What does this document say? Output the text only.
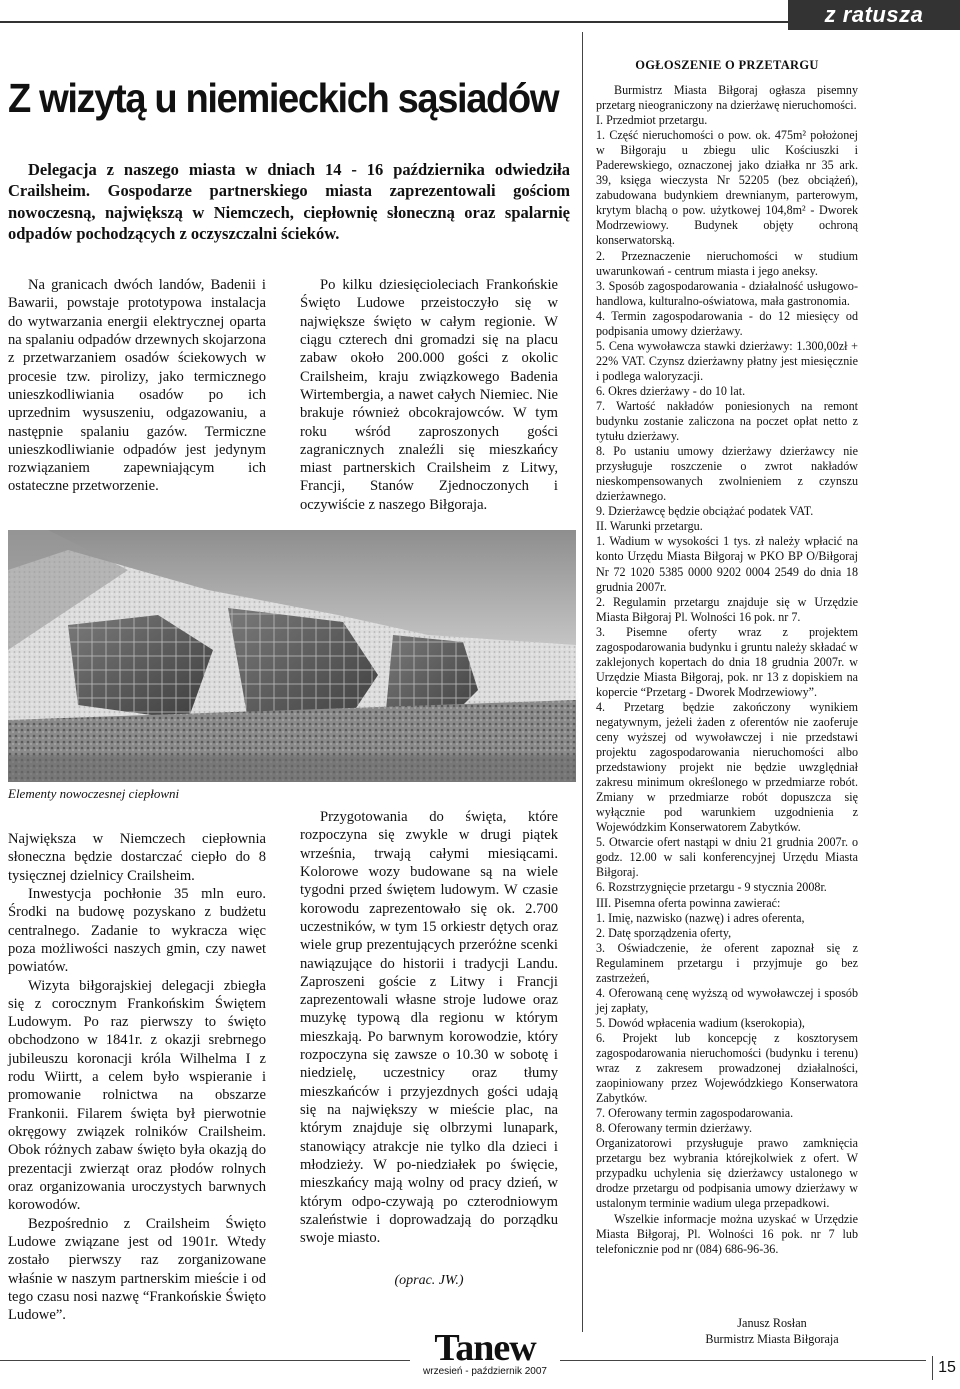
z ratusza
Z wizytą u niemieckich sąsiadów

Delegacja z naszego miasta w dniach 14 - 16 października odwiedziła Crailsheim. Gospodarze partnerskiego miasta zaprezentowali gościom nowoczesną, największą w Niemczech, ciepłownię słoneczną oraz spalarnię odpadów pochodzących z oczyszczalni ścieków.

Na granicach dwóch landów, Badenii i Bawarii, powstaje prototypowa instalacja do wytwarzania energii elektrycznej oparta na spalaniu odpadów drzewnych skojarzona z przetwarzaniem osadów ściekowych w procesie tzw. pirolizy, jako termicznego unieszkodliwiania osadów po ich uprzednim wysuszeniu, odgazowaniu, a następnie spalaniu gazów. Termiczne unieszkodliwianie odpadów jest jedynym rozwiązaniem zapewniającym ich ostateczne przetworzenie.

Po kilku dziesięcioleciach Frankońskie Święto Ludowe przeistoczyło się w największe święto w całym regionie. W ciągu czterech dni gromadzi się na placu zabaw około 200.000 gości z okolic Crailsheim, kraju związkowego Badenia Wirtembergia, a nawet całych Niemiec. Nie brakuje również obcokrajowców. W tym roku wśród zaproszonych gości zagranicznych znaleźli się mieszkańcy miast partnerskich Crailsheim z Litwy, Francji, Stanów Zjednoczonych i oczywiście z naszego Biłgoraja.

Elementy nowoczesnej ciepłowni

Największa w Niemczech ciepłownia słoneczna będzie dostarczać ciepło do 8 tysięcznej dzielnicy Crailsheim.

Inwestycja pochłonie 35 mln euro. Środki na budowę pozyskano z budżetu centralnego. Zadanie to wykracza więc poza możliwości naszych gmin, czy nawet powiatów.

Wizyta biłgorajskiej delegacji zbiegła się z corocznym Frankońskim Świętem Ludowym. Po raz pierwszy to święto obchodzono w 1841r. z okazji srebrnego jubileuszu koronacji króla Wilhelma I z rodu Wiirtt, a celem było wspieranie i promowanie rolnictwa na obszarze Frankonii. Filarem święta był pierwotnie okręgowy związek rolników Crailsheim. Obok różnych zabaw święto była okazją do prezentacji zwierząt oraz płodów rolnych oraz organizowania uroczystych barwnych korowodów.

Bezpośrednio z Crailsheim Święto Ludowe związane jest od 1901r. Wtedy zostało pierwszy raz zorganizowane właśnie w naszym partnerskim mieście i od tego czasu nosi nazwę “Frankońskie Święto Ludowe”.

Przygotowania do święta, które rozpoczyna się zwykle w drugi piątek września, trwają całymi miesiącami. Kolorowe wozy budowane są na wiele tygodni przed świętem ludowym. W czasie korowodu zaprezentowało się ok. 2.700 uczestników, w tym 15 orkiestr dętych oraz wiele grup prezentujących przeróżne scenki nawiązujące do historii i tradycji Landu. Zaproszeni goście z Litwy i Francji zaprezentowali własne stroje ludowe oraz muzykę typową dla regionu w którym mieszkają. Po barwnym korowodzie, który rozpoczyna się zawsze o 10.30 w sobotę i niedzielę, uczestnicy oraz tłumy mieszkańców i przyjezdnych gości udają się na największy w mieście plac, na którym znajduje się olbrzymi lunapark, stanowiący atrakcje nie tylko dla dzieci i młodzieży. W po-niedziałek po święcie, mieszkańcy mają wolny od pracy dzień, w którym odpo-czywają po czterodniowym szaleństwie i doprowadzają do porządku swoje miasto.

(oprac. JW.)
OGŁOSZENIE O PRZETARGU

Burmistrz Miasta Biłgoraj ogłasza pisemny przetarg nieograniczony na dzierżawę nieruchomości.

I. Przedmiot przetargu.

1. Część nieruchomości o pow. ok. 475m² położonej w Biłgoraju u zbiegu ulic Kościuszki i Paderewskiego, oznaczonej jako działka nr 35 ark. 39, księga wieczysta Nr 52205 (bez obciążeń), zabudowana budynkiem drewnianym, parterowym, krytym blachą o pow. użytkowej 104,8m² - Dworek Modrzewiowy. Budynek objęty ochroną konserwatorską.

2. Przeznaczenie nieruchomości w studium uwarunkowań - centrum miasta i jego aneksy.

3. Sposób zagospodarowania - działalność usługowo-handlowa, kulturalno-oświatowa, mała gastronomia.

4. Termin zagospodarowania - do 12 miesięcy od podpisania umowy dzierżawy.

5. Cena wywoławcza stawki dzierżawy: 1.300,00zł + 22% VAT. Czynsz dzierżawny płatny jest miesięcznie i podlega waloryzacji.

6. Okres dzierżawy - do 10 lat.

7. Wartość nakładów poniesionych na remont budynku zostanie zaliczona na poczet opłat netto z tytułu dzierżawy.

8. Po ustaniu umowy dzierżawy dzierżawcy nie przysługuje roszczenie o zwrot nakładów nieskompensowanych zwolnieniem z czynszu dzierżawnego.

9. Dzierżawcę będzie obciążać podatek VAT.

II. Warunki przetargu.

1. Wadium w wysokości 1 tys. zł należy wpłacić na konto Urzędu Miasta Biłgoraj w PKO BP O/Biłgoraj Nr 72 1020 5385 0000 9202 0004 2549 do dnia 18 grudnia 2007r.

2. Regulamin przetargu znajduje się w Urzędzie Miasta Biłgoraj Pl. Wolności 16 pok. nr 7.

3. Pisemne oferty wraz z projektem zagospodarowania budynku i gruntu należy składać w zaklejonych kopertach do dnia 18 grudnia 2007r. w Urzędzie Miasta Biłgoraj, pok. nr 13 z dopiskiem na kopercie “Przetarg - Dworek Modrzewiowy”.

4. Przetarg będzie zakończony wynikiem negatywnym, jeżeli żaden z oferentów nie zaoferuje ceny wyższej od wywoławczej i nie przedstawi projektu zagospodarowania nieruchomości albo przedstawiony projekt nie będzie uwzględniał zakresu minimum określonego w przedmiarze robót. Zmiany w przedmiarze robót dopuszcza się wyłącznie pod warunkiem uzgodnienia z Wojewódzkim Konserwatorem Zabytków.

5. Otwarcie ofert nastąpi w dniu 21 grudnia 2007r. o godz. 12.00 w sali konferencyjnej Urzędu Miasta Biłgoraj.

6. Rozstrzygnięcie przetargu - 9 stycznia 2008r.

III. Pisemna oferta powinna zawierać:

1. Imię, nazwisko (nazwę) i adres oferenta,

2. Datę sporządzenia oferty,

3. Oświadczenie, że oferent zapoznał się z Regulaminem przetargu i przyjmuje go bez zastrzeżeń,

4. Oferowaną cenę wyższą od wywoławczej i sposób jej zapłaty,

5. Dowód wpłacenia wadium (kserokopia),

6. Projekt lub koncepcję z kosztorysem zagospodarowania nieruchomości (budynku i terenu) wraz z zakresem prowadzonej działalności, zaopiniowany przez Wojewódzkiego Konserwatora Zabytków.

7. Oferowany termin zagospodarowania.

8. Oferowany termin dzierżawy.

Organizatorowi przysługuje prawo zamknięcia przetargu bez wybrania którejkolwiek z ofert. W przypadku uchylenia się dzierżawcy ustalonego w drodze przetargu od podpisania umowy dzierżawy w ustalonym terminie wadium ulega przepadkowi.

Wszelkie informacje można uzyskać w Urzędzie Miasta Biłgoraj, Pl. Wolności 16 pok. nr 7 lub telefonicznie pod nr (084) 686-96-36.

Janusz Rosłan
Burmistrz Miasta Biłgoraja
Tanew
wrzesień - październik 2007	15
